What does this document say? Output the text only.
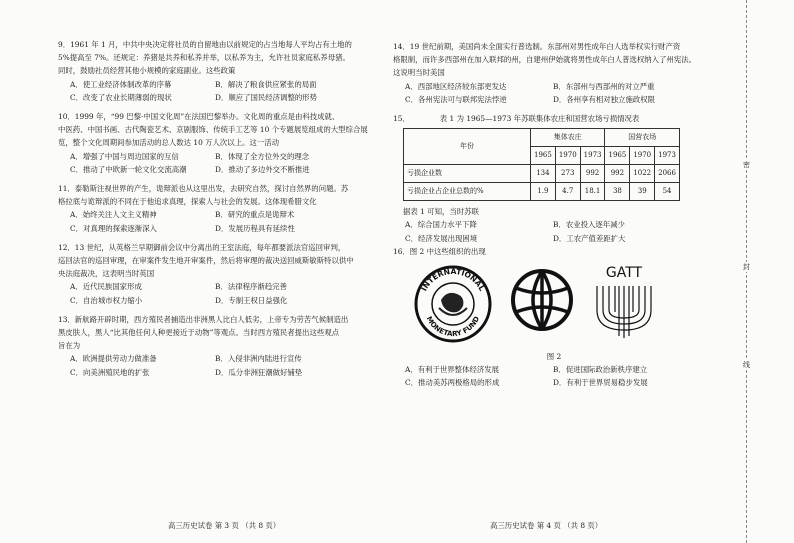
9．1961 年 1 月，中共中央决定将社员的自留地由以前规定的占当地每人平均占有土地的

5%提高至 7%。还规定：养猪是共养和私养并举，以私养为主，允许社员家庭私养母猪。

同时，鼓励社员经营其他小规模的家庭副业。这些政策

A．使工业经济体制改革的序幕	B．解决了粮食供应紧张的局面
C．改变了农业长期薄弱的现状	D．顺应了国民经济调整的形势

10．1999 年，“99 巴黎·中国文化周”在法国巴黎举办。文化周的重点是由科技成就、

中医药、中国书画、古代陶瓷艺术、京剧服饰、传统手工艺等 10 个专题展览组成的大型综合展

览，整个文化周期间参加活动的总人数达 10 万人次以上。这一活动

A．增强了中国与周边国家的互信	B．体现了全方位外交的理念
C．推动了中欧新一轮文化交流高潮	D．推动了多边外交不断推进

11．泰勒斯注视世界的产生，诡辩派也从这里出发，去研究自然，探讨自然界的问题。苏

格拉底与诡辩派的不同在于他追求真理，探索人与社会的发展。这体现希腊文化

A．始终关注人文主义精神	B．研究的重点是诡辩术
C．对真理的探索逐渐深入	D．发展历程具有延续性

12．13 世纪，从英格兰早期御前会议中分离出的王室法庭，每年都要派法官巡回审判，

巡回法官的巡回审理，在审案件发生地开审案件，然后将审理的裁决送回威斯敏斯特以供中

央法庭裁决，这表明当时英国

A．近代民族国家形成	B．法律程序渐趋完善
C．自治城市权力缩小	D．专制王权日益强化

13．新航路开辟时期，西方殖民者捕造出非洲黑人比白人低劣，上帝专为劳苦气候制造出

黑皮肤人，黑人“比其他任何人种更接近于动物”等观点。当时西方殖民者提出这些观点

旨在为

A．欧洲提供劳动力做准备	B．入侵非洲内陆进行宣传
C．向美洲殖民地的扩张	D．瓜分非洲狂潮做好铺垫
高三历史试卷 第 3 页 （共 8 页）

14．19 世纪前期，美国尚未全面实行普选制。东部州对男性成年白人选举权实行财产资

格限制，而许多西部州在加入联邦的州，自建州伊始就将男性成年白人普选权纳入了州宪法。

这说明当时美国

A．西部地区经济较东部更发达	B．东部州与西部州的对立严重
C．各州宪法可与联邦宪法悖逆	D．各州享有相对独立施政权限

15．	表 1 为 1965—1973 年苏联集体农庄和国营农场亏损情况表

年份	集体农庄			国营农场		
	1965	1970	1973	1965	1970	1973
亏损企业数	134	273	992	992	1022	2066
亏损企业占企业总数的%	1.9	4.7	18.1	38	39	54

据表 1 可知，当时苏联

A．综合国力水平下降	B．农业投入逐年减少
C．经济发展出现困境	D．工农产值差距扩大

16．图 2 中这些组织的出现

INTERNATIONAL
MONETARY FUND
GATT

图 2

A．有利于世界整体经济发展	B．促进国际政治新秩序建立
C．推动美苏两极格局的形成	D．有利于世界贸易稳步发展
高三历史试卷 第 4 页 （共 8 页）
密
封
线
